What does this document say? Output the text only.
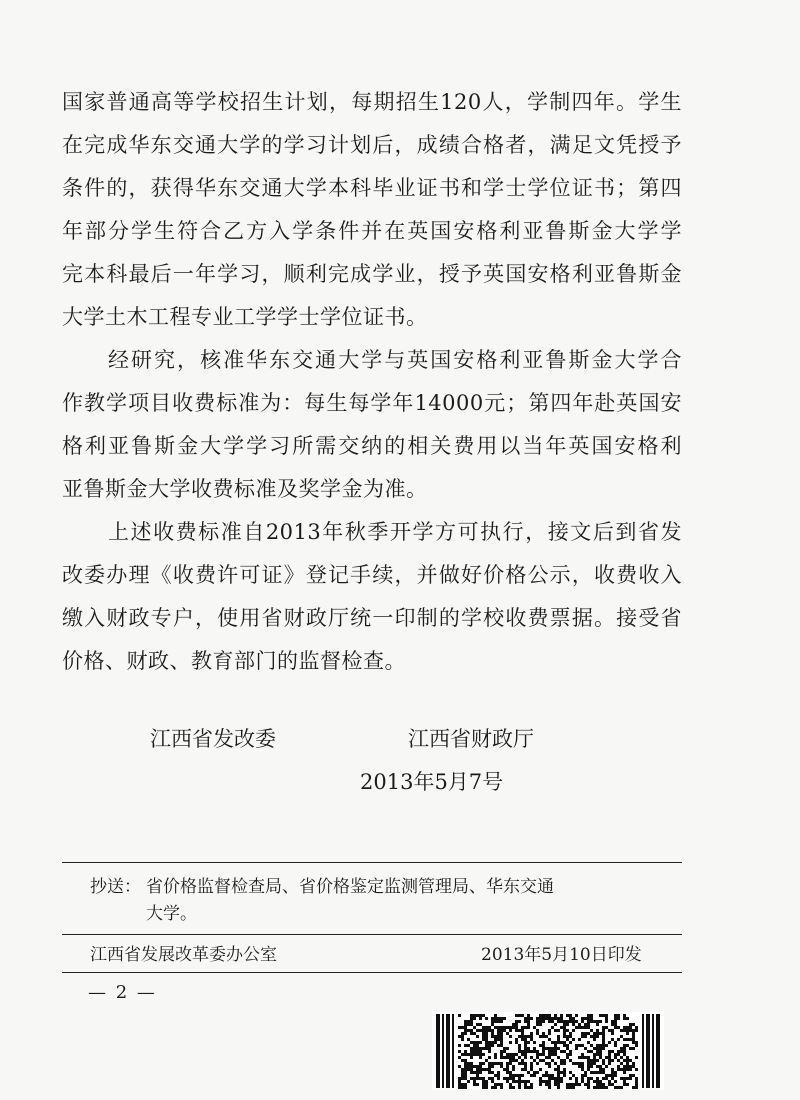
国家普通高等学校招生计划，每期招生120人，学制四年。学生
在完成华东交通大学的学习计划后，成绩合格者，满足文凭授予
条件的，获得华东交通大学本科毕业证书和学士学位证书；第四
年部分学生符合乙方入学条件并在英国安格利亚鲁斯金大学学
完本科最后一年学习，顺利完成学业，授予英国安格利亚鲁斯金
大学土木工程专业工学学士学位证书。
经研究，核准华东交通大学与英国安格利亚鲁斯金大学合
作教学项目收费标准为：每生每学年14000元；第四年赴英国安
格利亚鲁斯金大学学习所需交纳的相关费用以当年英国安格利
亚鲁斯金大学收费标准及奖学金为准。
上述收费标准自2013年秋季开学方可执行，接文后到省发
改委办理《收费许可证》登记手续，并做好价格公示，收费收入
缴入财政专户，使用省财政厅统一印制的学校收费票据。接受省
价格、财政、教育部门的监督检查。
江西省发改委	江西省财政厅
2013年5月7号
抄送： 省价格监督检查局、省价格鉴定监测管理局、华东交通
大学。
江西省发展改革委办公室	2013年5月10日印发
— 2 —
